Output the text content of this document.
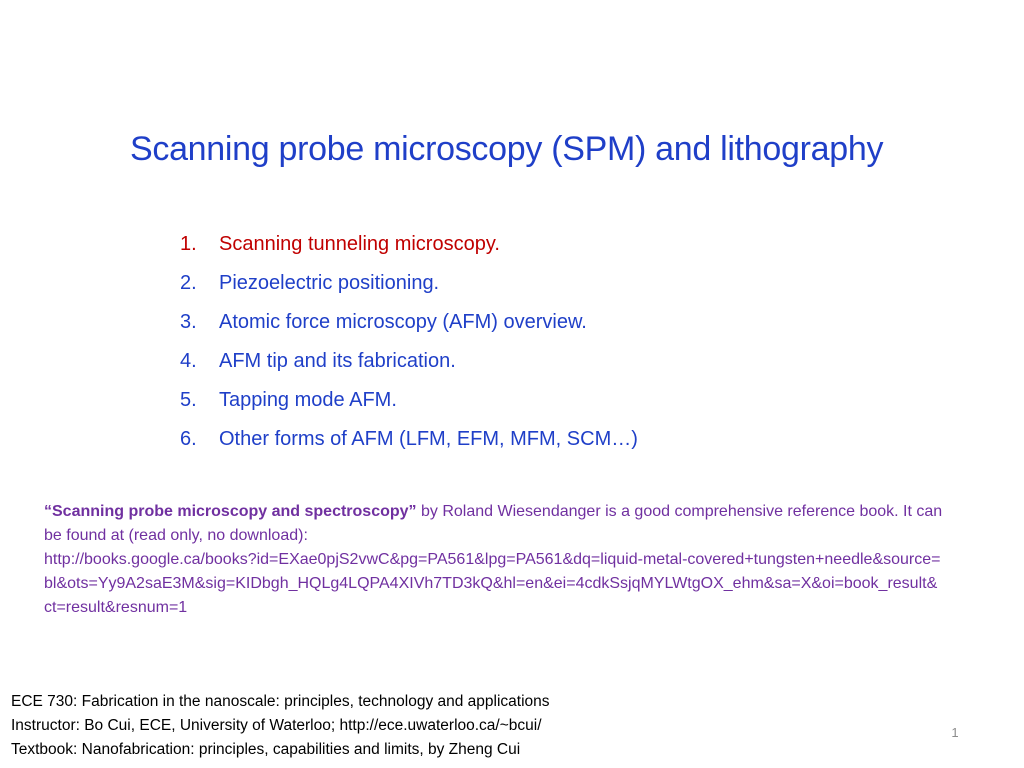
Scanning probe microscopy (SPM) and lithography
1. Scanning tunneling microscopy.
2. Piezoelectric positioning.
3. Atomic force microscopy (AFM) overview.
4. AFM tip and its fabrication.
5. Tapping mode AFM.
6. Other forms of AFM (LFM, EFM, MFM, SCM…)
“Scanning probe microscopy and spectroscopy” by Roland Wiesendanger is a good comprehensive reference book. It can be found at (read only, no download):
http://books.google.ca/books?id=EXae0pjS2vwC&pg=PA561&lpg=PA561&dq=liquid-metal-covered+tungsten+needle&source=bl&ots=Yy9A2saE3M&sig=KIDbgh_HQLg4LQPA4XIVh7TD3kQ&hl=en&ei=4cdkSsjqMYLWtgOX_ehm&sa=X&oi=book_result&ct=result&resnum=1
ECE 730: Fabrication in the nanoscale: principles, technology and applications
Instructor: Bo Cui, ECE, University of Waterloo; http://ece.uwaterloo.ca/~bcui/
Textbook: Nanofabrication: principles, capabilities and limits, by Zheng Cui
1
